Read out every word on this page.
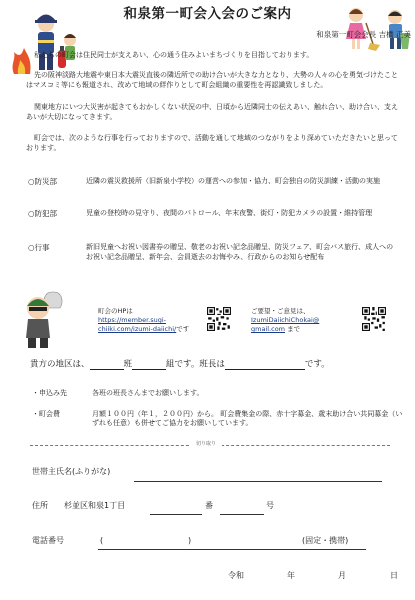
和泉第一町会入会のご案内
和泉第一町会会長 吉橋 正美

私たちの町会は住民同士が支えあい、心の通う住みよいまちづくりを目指しております。

先の阪神淡路大地震や東日本大震災直後の隣近所での助け合いが大きな力となり、大勢の人々の心を勇気づけたことはマスコミ等にも報道され、改めて地域の絆作りとして町会組織の重要性を再認識致しました。

関東地方にいつ大災害が起きてもおかしくない状況の中、日頃から近隣同士の伝えあい、触れ合い、助け合い、支えあいが大切になってきます。

町会では、次のような行事を行っておりますので、活動を通して地域のつながりをより深めていただきたいと思っております。

○防災部	近隣の震災救援所（旧新泉小学校）の運営への参加・協力、町会独自の防災訓練・活動の実施
○防犯部	児童の登校時の見守り、夜間のパトロール、年末夜警、街灯・防犯カメラの設置・維持管理
○行事	新旧児童へお祝い図書券の贈呈、敬老のお祝い記念品贈呈、防災フェア、町会バス旅行、成人へのお祝い記念品贈呈、新年会、会員逝去のお悔やみ、行政からのお知らせ配布
町会のHPは
https://member.sugi-
chiiki.com/izumi-daiichi/です
ご要望・ご意見は、
IzumiDaiichiChokai@
gmail.com まで
貴方の地区は、	班	組です。班長は	です。
・申込み先	各班の班長さんまでお願いします。
・町会費	月額１００円（年１，２００円）から。 町会費集金の際、赤十字募金、歳末助け合い共同募金（いずれも任意）も併せてご協力をお願いしています。
切り取り
世帯主氏名(ふりがな)
住所 杉並区和泉1丁目	番	号
電話番号	(	)	(固定・携帯)
令和	年	月	日
